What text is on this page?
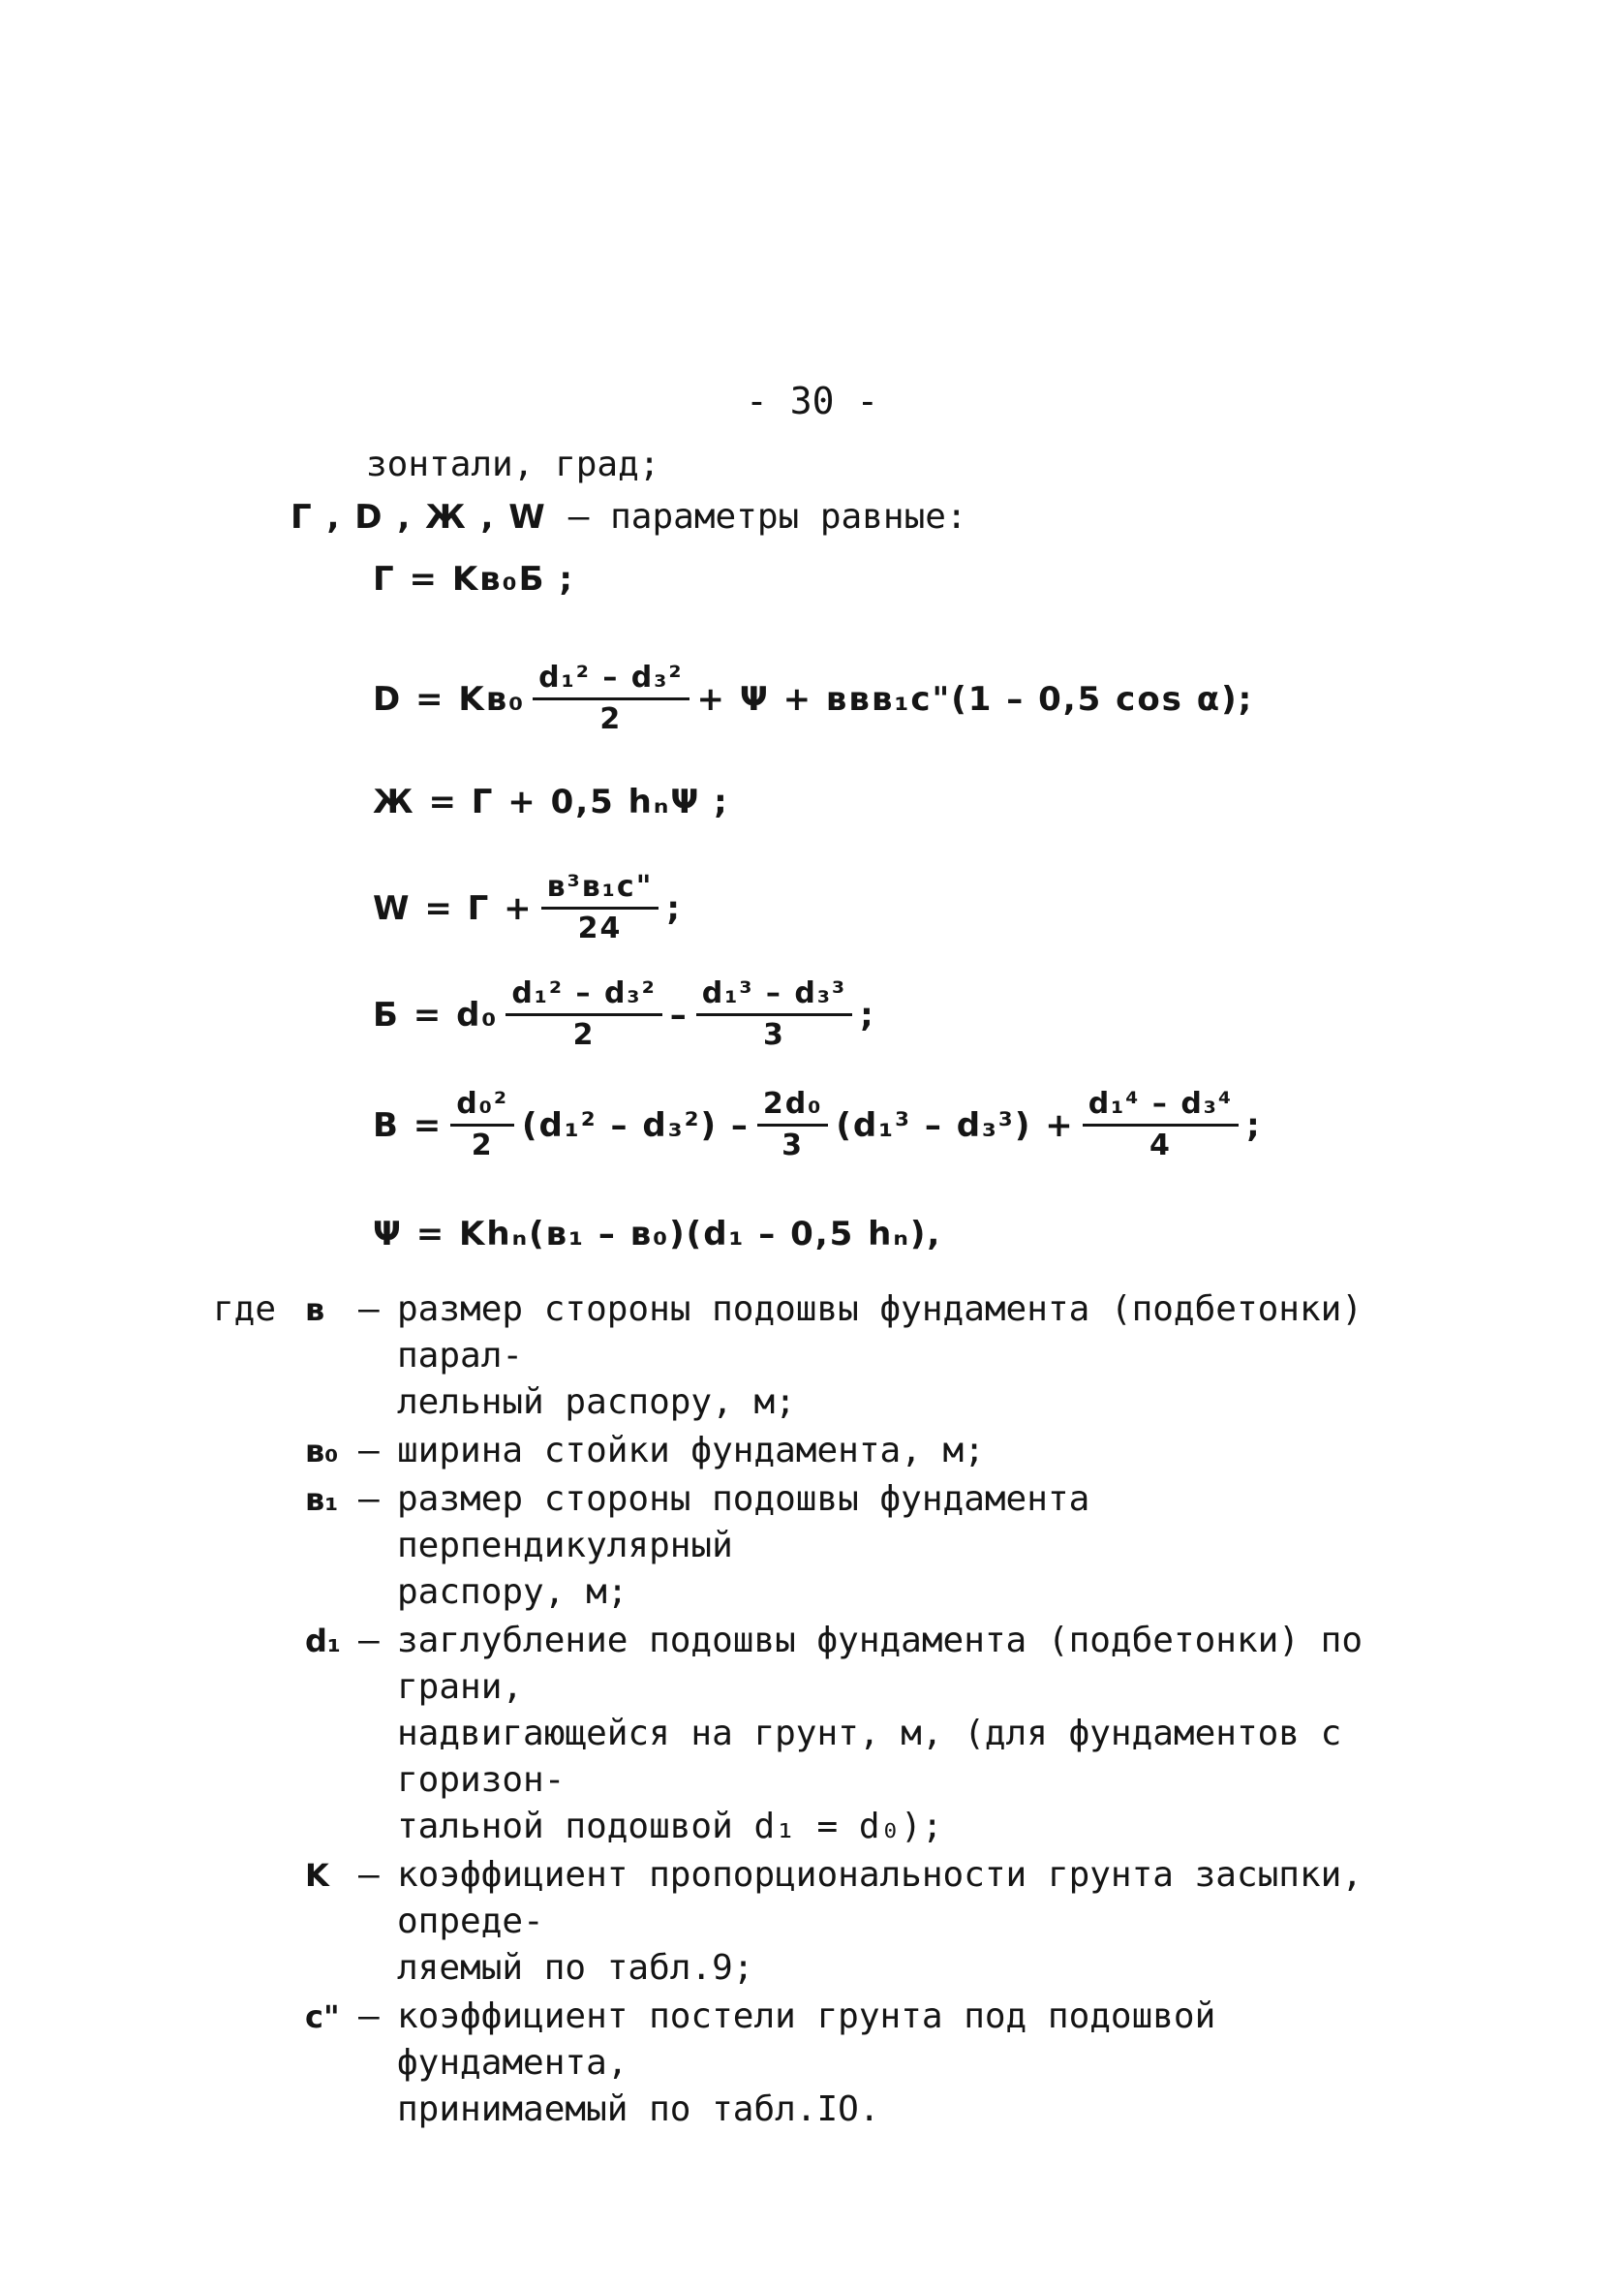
- 30 -
зонтали, град;
Г , D , Ж , W – параметры равные:
Г = Kв₀Б ;
$D = Kв_0 \frac{\text{d₁² – d₃²}}{2} + \Psi$ + ввв₁c"(1 – 0,5 cos α);
Ж = Г + 0,5 hₙΨ ;
$W = Г + \frac{\text{в³в₁c"}}{24}$ ;
$Б = d_0 \frac{\text{d₁² – d₃²}}{2} - \frac{\text{d₁³ – d₃³}}{3}$ ;
$В = \frac{\text{d₀²}}{2} (d_1^2 - d_3^2) - \frac{\text{2d₀}}{3} (d_1^3 - d_3^3) + \frac{\text{d₁⁴ – d₃⁴}}{4}$ ;
Ψ = Khₙ(в₁ – в₀)(d₁ – 0,5 hₙ),
где в – размер стороны подошвы фундамента (подбетонки) парал-
лельный распору, м;
в₀ – ширина стойки фундамента, м;
в₁ – размер стороны подошвы фундамента перпендикулярный
распору, м;
d₁ – заглубление подошвы фундамента (подбетонки) по грани,
надвигающейся на грунт, м, (для фундаментов с горизон-
тальной подошвой d₁ = d₀);
K – коэффициент пропорциональности грунта засыпки, опреде-
ляемый по табл.9;
c" – коэффициент постели грунта под подошвой фундамента,
принимаемый по табл.IO.
